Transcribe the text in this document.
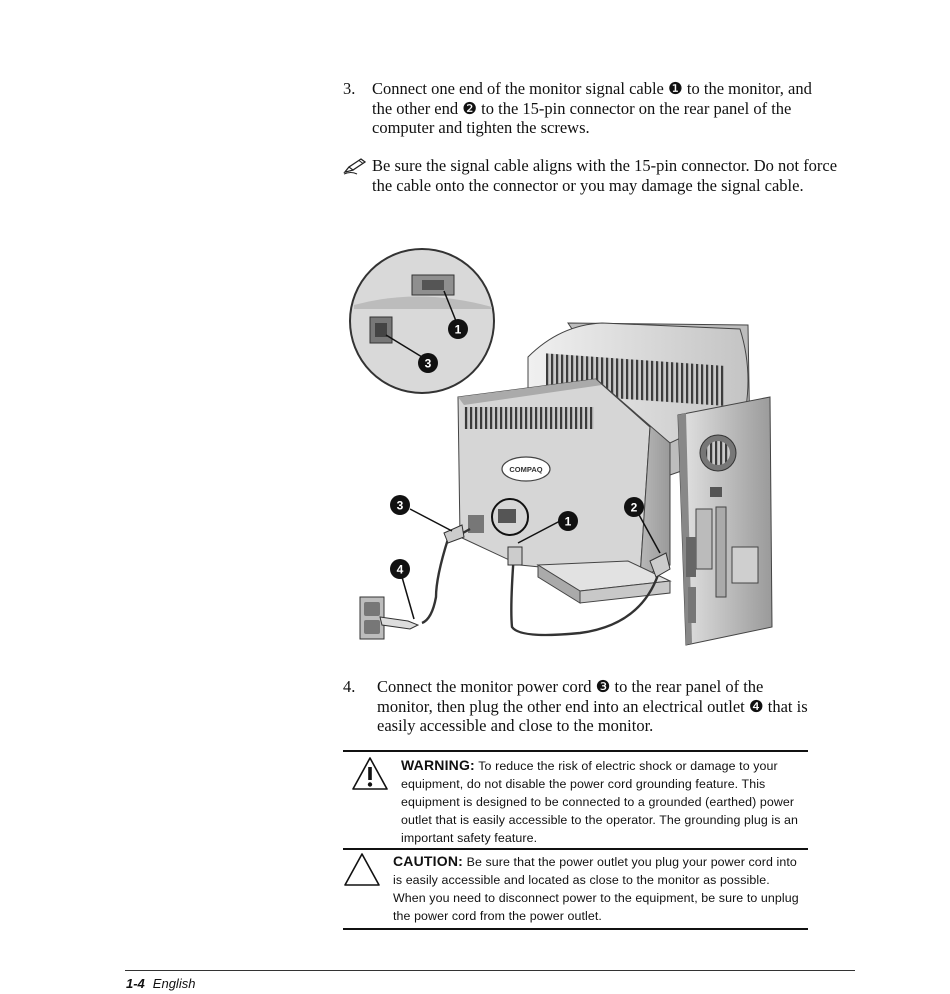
3. Connect one end of the monitor signal cable ❶ to the monitor, and the other end ❷ to the 15-pin connector on the rear panel of the computer and tighten the screws.
Be sure the signal cable aligns with the 15-pin connector. Do not force the cable onto the connector or you may damage the signal cable.
1
3
COMPAQ
3
1
2
4
4. Connect the monitor power cord ❸ to the rear panel of the monitor, then plug the other end into an electrical outlet ❹ that is easily accessible and close to the monitor.
WARNING: To reduce the risk of electric shock or damage to your equipment, do not disable the power cord grounding feature. This equipment is designed to be connected to a grounded (earthed) power outlet that is easily accessible to the operator. The grounding plug is an important safety feature.
CAUTION: Be sure that the power outlet you plug your power cord into is easily accessible and located as close to the monitor as possible. When you need to disconnect power to the equipment, be sure to unplug the power cord from the power outlet.
1-4 English
